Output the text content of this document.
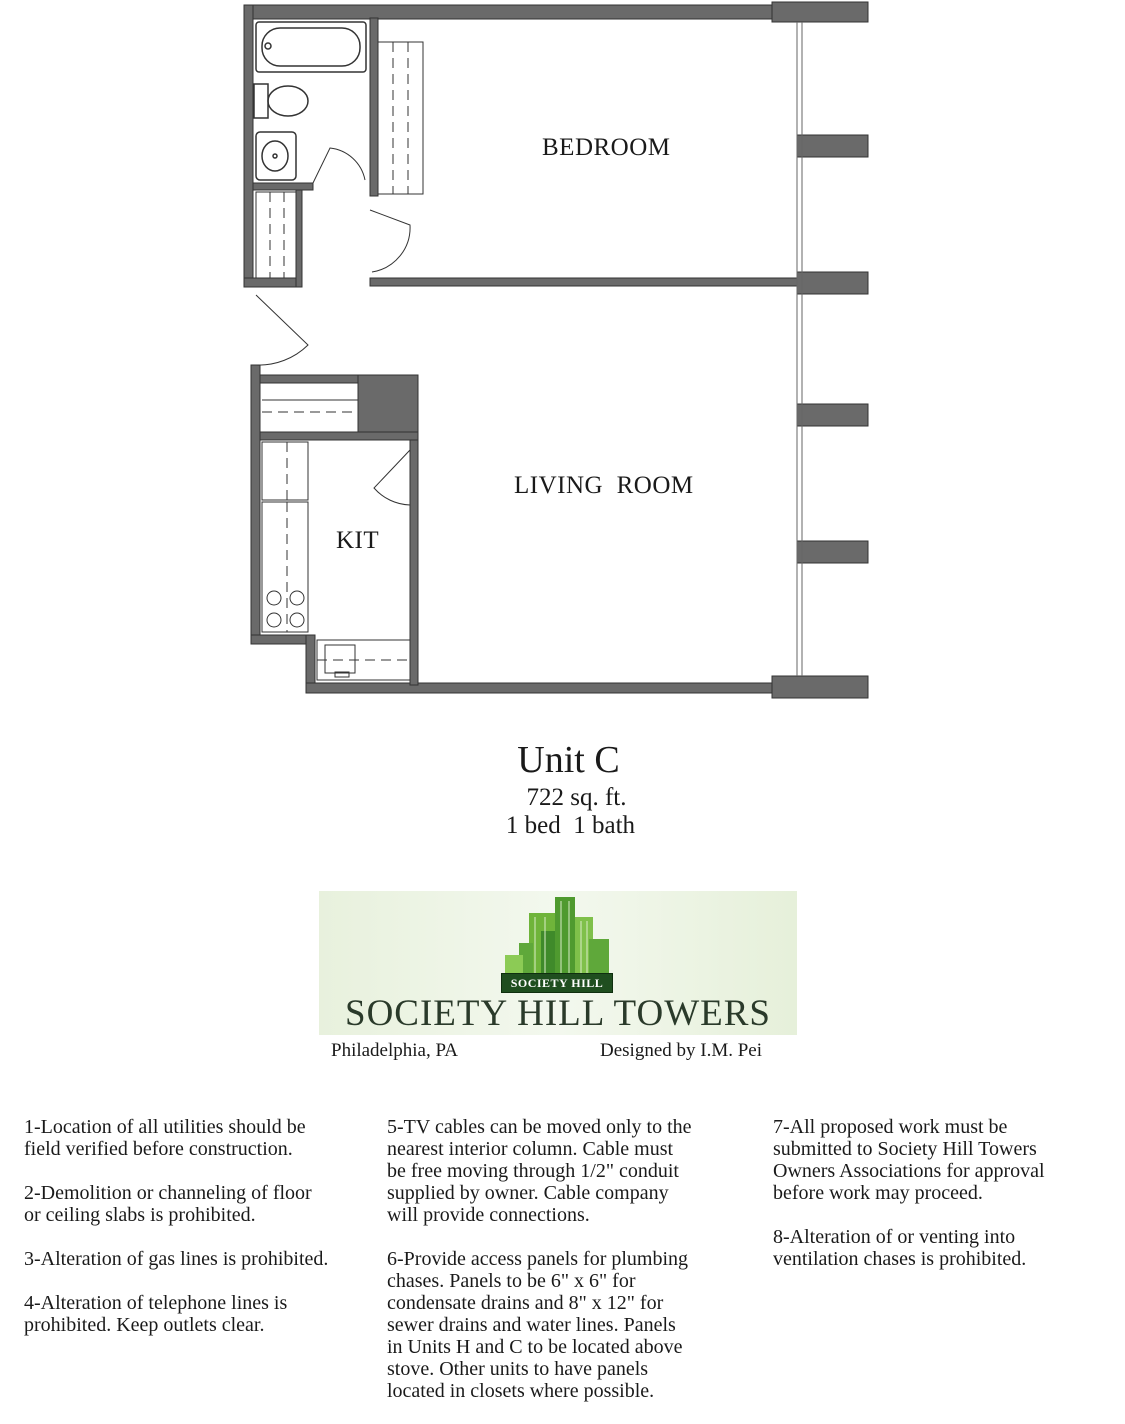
BEDROOM
LIVING  ROOM
KIT
Unit C
722 sq. ft.
1 bed  1 bath
SOCIETY HILL
SOCIETY HILL TOWERS
Philadelphia, PA	Designed by I.M. Pei

1-Location of all utilities should be
field verified before construction.

2-Demolition or channeling of floor
or ceiling slabs is prohibited.

3-Alteration of gas lines is prohibited.

4-Alteration of telephone lines is
prohibited. Keep outlets clear.

5-TV cables can be moved only to the
nearest interior column. Cable must
be free moving through 1/2" conduit
supplied by owner. Cable company
will provide connections.

6-Provide access panels for plumbing
chases. Panels to be 6" x 6" for
condensate drains and 8" x 12" for
sewer drains and water lines. Panels
in Units H and C to be located above
stove. Other units to have panels
located in closets where possible.

7-All proposed work must be
submitted to Society Hill Towers
Owners Associations for approval
before work may proceed.

8-Alteration of or venting into
ventilation chases is prohibited.
